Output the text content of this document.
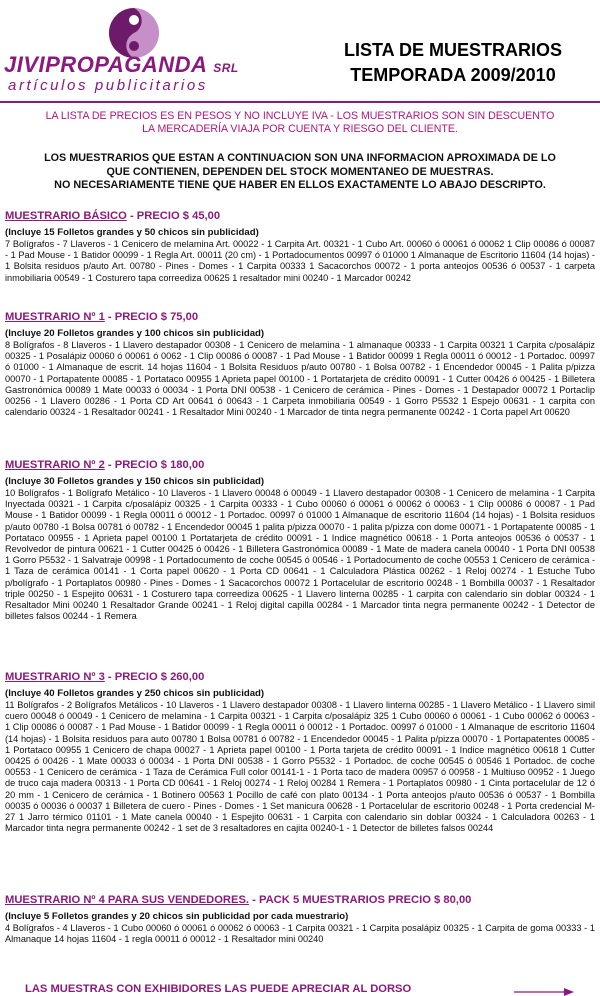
JIVIPROPAGANDA SRL
artículos publicitarios
LISTA DE MUESTRARIOS
TEMPORADA 2009/2010
LA LISTA DE PRECIOS ES EN PESOS Y NO INCLUYE IVA - LOS MUESTRARIOS SON SIN DESCUENTO
LA MERCADERÍA VIAJA POR CUENTA Y RIESGO DEL CLIENTE.
LOS MUESTRARIOS QUE ESTAN A CONTINUACION SON UNA INFORMACION APROXIMADA DE LO
QUE CONTIENEN, DEPENDEN DEL STOCK MOMENTANEO DE MUESTRAS.
NO NECESARIAMENTE TIENE QUE HABER EN ELLOS EXACTAMENTE LO ABAJO DESCRIPTO.
MUESTRARIO BÁSICO - PRECIO $ 45,00
(Incluye 15 Folletos grandes y 50 chicos sin publicidad)
7 Bolígrafos - 7 Llaveros - 1 Cenicero de melamina Art. 00022 - 1 Carpita Art. 00321 - 1 Cubo Art. 00060 ó 00061 ó 00062 1 Clip 00086 ó 00087 - 1 Pad Mouse - 1 Batidor 00099 - 1 Regla Art. 00011 (20 cm) - 1 Portadocumentos 00997 ó 01000 1 Almanaque de Escritorio 11604 (14 hojas) - 1 Bolsita residuos p/auto Art. 00780 - Pines - Domes - 1 Carpita 00333 1 Sacacorchos 00072 - 1 porta anteojos 00536 ó 00537 - 1 carpeta inmobiliaria 00549 - 1 Costurero tapa correediza 00625 1 resaltador mini 00240 - 1 Marcador 00242
MUESTRARIO Nº 1 - PRECIO $ 75,00
(Incluye 20 Folletos grandes y 100 chicos sin publicidad)
8 Bolígrafos - 8 Llaveros - 1 Llavero destapador 00308 - 1 Cenicero de melamina - 1 almanaque 00333 - 1 Carpita 00321 1 Carpita c/posalápiz 00325 - 1 Posalápiz 00060 ó 00061 ó 0062 - 1 Clip 00086 ó 00087 - 1 Pad Mouse - 1 Batidor 00099 1 Regla 00011 ó 00012 - 1 Portadoc. 00997 ó 01000 - 1 Almanaque de escrit. 14 hojas 11604 - 1 Bolsita Residuos p/auto 00780 - 1 Bolsa 00782 - 1 Encendedor 00045 - 1 Palita p/pizza 00070 - 1 Portapatente 00085 - 1 Portataco 00955 1 Aprieta papel 00100 - 1 Portatarjeta de crédito 00091 - 1 Cutter 00426 ó 00425 - 1 Billetera Gastronómica 00089 1 Mate 00033 ó 00034 - 1 Porta DNI 00538 - 1 Cenicero de cerámica - Pines - Domes - 1 Destapador 00072 1 Portaclip 00256 - 1 Llavero 00286 - 1 Porta CD Art 00641 ó 00643 - 1 Carpeta inmobiliaria 00549 - 1 Gorro P5532 1 Espejo 00631 - 1 carpita con calendario 00324 - 1 Resaltador 00241 - 1 Resaltador Mini 00240 - 1 Marcador de tinta negra permanente 00242 - 1 Corta papel Art 00620
MUESTRARIO Nº 2 - PRECIO $ 180,00
(Incluye 30 Folletos grandes y 150 chicos sin publicidad)
10 Bolígrafos - 1 Bolígrafo Metálico - 10 Llaveros - 1 Llavero 00048 ó 00049 - 1 Llavero destapador 00308 - 1 Cenicero de melamina - 1 Carpita Inyectada 00321 - 1 Carpita c/posalápiz 00325 - 1 Carpita 00333 - 1 Cubo 00060 ó 00061 ó 00062 ó 00063 - 1 Clip 00086 ó 00087 - 1 Pad Mouse - 1 Batidor 00099 - 1 Regla 00011 ó 00012 - 1 Portadoc. 00997 ó 01000 1 Almanaque de escritorio 11604 (14 hojas) - 1 Bolsita residuos p/auto 00780 -1 Bolsa 00781 ó 00782 - 1 Encendedor 00045 1 palita p/pizza 00070 - 1 palita p/pizza con dome 00071 - 1 Portapatente 00085 - 1 Portataco 00955 - 1 Aprieta papel 00100 1 Portatarjeta de crédito 00091 - 1 Indice magnético 00618 - 1 Porta anteojos 00536 ó 00537 - 1 Revolvedor de pintura 00621 - 1 Cutter 00425 ó 00426 - 1 Billetera Gastronómica 00089 - 1 Mate de madera canela 00040 - 1 Porta DNI 00538 1 Gorro P5532 - 1 Salvatraje 00998 - 1 Portadocumento de coche 00545 ó 00546 - 1 Portadocumento de coche 00553 1 Cenicero de cerámica - 1 Taza de cerámica 00141 - 1 Corta papel 00620 - 1 Porta CD 00641 - 1 Calculadora Plástica 00262 - 1 Reloj 00274 - 1 Estuche Tubo p/bolígrafo - 1 Portaplatos 00980 - Pines - Domes - 1 Sacacorchos 00072 1 Portacelular de escritorio 00248 - 1 Bombilla 00037 - 1 Resaltador triple 00250 - 1 Espejito 00631 - 1 Costurero tapa correediza 00625 - 1 Llavero linterna 00285 - 1 carpita con calendario sin doblar 00324 - 1 Resaltador Mini 00240 1 Resaltador Grande 00241 - 1 Reloj digital capilla 00284 - 1 Marcador tinta negra permanente 00242 - 1 Detector de billetes falsos 00244 - 1 Remera
MUESTRARIO Nº 3 - PRECIO $ 260,00
(Incluye 40 Folletos grandes y 250 chicos sin publicidad)
11 Bolígrafos - 2 Bolígrafos Metálicos - 10 Llaveros - 1 Llavero destapador 00308 - 1 Llavero linterna 00285 - 1 Llavero Metálico - 1 Llavero simil cuero 00048 ó 00049 - 1 Cenicero de melamina - 1 Carpita 00321 - 1 Carpita c/posalápiz 325 1 Cubo 00060 ó 00061 - 1 Cubo 00062 ó 00063 - 1 Clip 00086 ó 00087 - 1 Pad Mouse - 1 Batidor 00099 - 1 Regla 00011 ó 00012 - 1 Portadoc. 00997 ó 01000 - 1 Almanaque de escritorio 11604 (14 hojas) - 1 Bolsita residuos para auto 00780 1 Bolsa 00781 ó 00782 - 1 Encendedor 00045 - 1 Palita p/pizza 00070 - 1 Portapatentes 00085 - 1 Portataco 00955 1 Cenicero de chapa 00027 - 1 Aprieta papel 00100 - 1 Porta tarjeta de crédito 00091 - 1 Indice magnético 00618 1 Cutter 00425 ó 00426 - 1 Mate 00033 ó 00034 - 1 Porta DNI 00538 - 1 Gorro P5532 - 1 Portadoc. de coche 00545 ó 00546 1 Portadoc. de coche 00553 - 1 Cenicero de cerámica - 1 Taza de Cerámica Full color 00141-1 - 1 Porta taco de madera 00957 ó 00958 - 1 Multiuso 00952 - 1 Juego de truco caja madera 00313 - 1 Porta CD 00641 - 1 Reloj 00274 - 1 Reloj 00284 1 Remera - 1 Portaplatos 00980 - 1 Cinta portacelular de 12 ó 20 mm - 1 Cenicero de cerámica - 1 Botinero 00563 1 Pocillo de café con plato 00134 - 1 Porta anteojos p/auto 00536 ó 00537 - 1 Bombilla 00035 ó 00036 ó 00037 1 Billetera de cuero - Pines - Domes - 1 Set manicura 00628 - 1 Portacelular de escritorio 00248 - 1 Porta credencial M-27 1 Jarro térmico 01101 - 1 Mate canela 00040 - 1 Espejito 00631 - 1 Carpita con calendario sin doblar 00324 - 1 Calculadora 00263 - 1 Marcador tinta negra permanente 00242 - 1 set de 3 resaltadores en cajita 00240-1 - 1 Detector de billetes falsos 00244
MUESTRARIO Nº 4 PARA SUS VENDEDORES. - PACK 5 MUESTRARIOS PRECIO $ 80,00
(Incluye 5 Folletos grandes y 20 chicos sin publicidad por cada muestrario)
4 Bolígrafos - 4 Llaveros - 1 Cubo 00060 ó 00061 ó 00062 ó 00063 - 1 Carpita 00321 - 1 Carpita posalápiz 00325 - 1 Carpita de goma 00333 - 1 Almanaque 14 hojas 11604 - 1 regla 00011 ó 00012 - 1 Resaltador mini 00240
LAS MUESTRAS CON EXHIBIDORES LAS PUEDE APRECIAR AL DORSO
